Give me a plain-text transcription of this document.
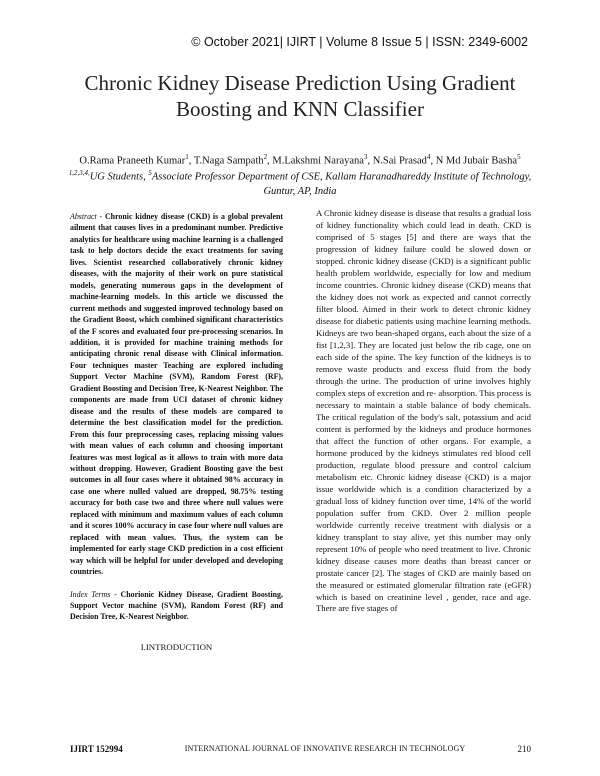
© October 2021| IJIRT | Volume 8 Issue 5 | ISSN: 2349-6002
Chronic Kidney Disease Prediction Using Gradient Boosting and KNN Classifier
O.Rama Praneeth Kumar$^1$, T.Naga Sampath$^2$, M.Lakshmi Narayana$^3$, N.Sai Prasad$^4$, N Md Jubair Basha$^5$
$^{1,2,3,4,}$UG Students, $^5$Associate Professor Department of CSE, Kallam Haranadhareddy Institute of Technology, Guntur, AP, India
Abstract - Chronic kidney disease (CKD) is a global prevalent ailment that causes lives in a predominant number. Predictive analytics for healthcare using machine learning is a challenged task to help doctors decide the exact treatments for saving lives. Scientist researched collaboratively chronic kidney diseases, with the majority of their work on pure statistical models, generating numerous gaps in the development of machine-learning models. In this article we discussed the current methods and suggested improved technology based on the Gradient Boost, which combined significant characteristics of the F scores and evaluated four pre-processing scenarios. In addition, it is provided for machine training methods for anticipating chronic renal disease with Clinical information. Four techniques master Teaching are explored including Support Vector Machine (SVM), Random Forest (RF), Gradient Boosting and Decision Tree, K-Nearest Neighbor. The components are made from UCI dataset of chronic kidney disease and the results of these models are compared to determine the best classification model for the prediction. From this four preprocessing cases, replacing missing values with mean values of each column and choosing important features was most logical as it allows to train with more data without dropping. However, Gradient Boosting gave the best outcomes in all four cases where it obtained 98% accuracy in case one where nulled valued are dropped, 98.75% testing accuracy for both case two and three where null values were replaced with minimum and maximum values of each column and it scores 100% accuracy in case four where null values are replaced with mean values. Thus, the system can be implemented for early stage CKD prediction in a cost efficient way which will be helpful for under developed and developing countries.
Index Terms - Chorionic Kidney Disease, Gradient Boosting, Support Vector machine (SVM), Random Forest (RF) and Decision Tree, K-Nearest Neighbor.
I.INTRODUCTION
A Chronic kidney disease is disease that results a gradual loss of kidney functionality which could lead in death. CKD is comprised of 5 stages [5] and there are ways that the progression of kidney failure could be slowed down or stopped. chronic kidney disease (CKD) is a significant public health problem worldwide, especially for low and medium income countries. Chronic kidney disease (CKD) means that the kidney does not work as expected and cannot correctly filter blood. Aimed in their work to detect chronic kidney disease for diabetic patients using machine learning methods. Kidneys are two bean-shaped organs, each about the size of a fist [1,2,3]. They are located just below the rib cage, one on each side of the spine. The key function of the kidneys is to remove waste products and excess fluid from the body through the urine. The production of urine involves highly complex steps of excretion and re- absorption. This process is necessary to maintain a stable balance of body chemicals. The critical regulation of the body's salt, potassium and acid content is performed by the kidneys and produce hormones that affect the function of other organs. For example, a hormone produced by the kidneys stimulates red blood cell production, regulate blood pressure and control calcium metabolism etc. Chronic kidney disease (CKD) is a major issue worldwide which is a condition characterized by a gradual loss of kidney function over time, 14% of the world population suffer from CKD. Over 2 million people worldwide currently receive treatment with dialysis or a kidney transplant to stay alive, yet this number may only represent 10% of people who need treatment to live. Chronic kidney disease causes more deaths than breast cancer or prostate cancer [2]. The stages of CKD are mainly based on the measured or estimated glomerular filtration rate (eGFR) which is based on creatinine level , gender, race and age. There are five stages of
IJIRT 152994	INTERNATIONAL JOURNAL OF INNOVATIVE RESEARCH IN TECHNOLOGY	210
